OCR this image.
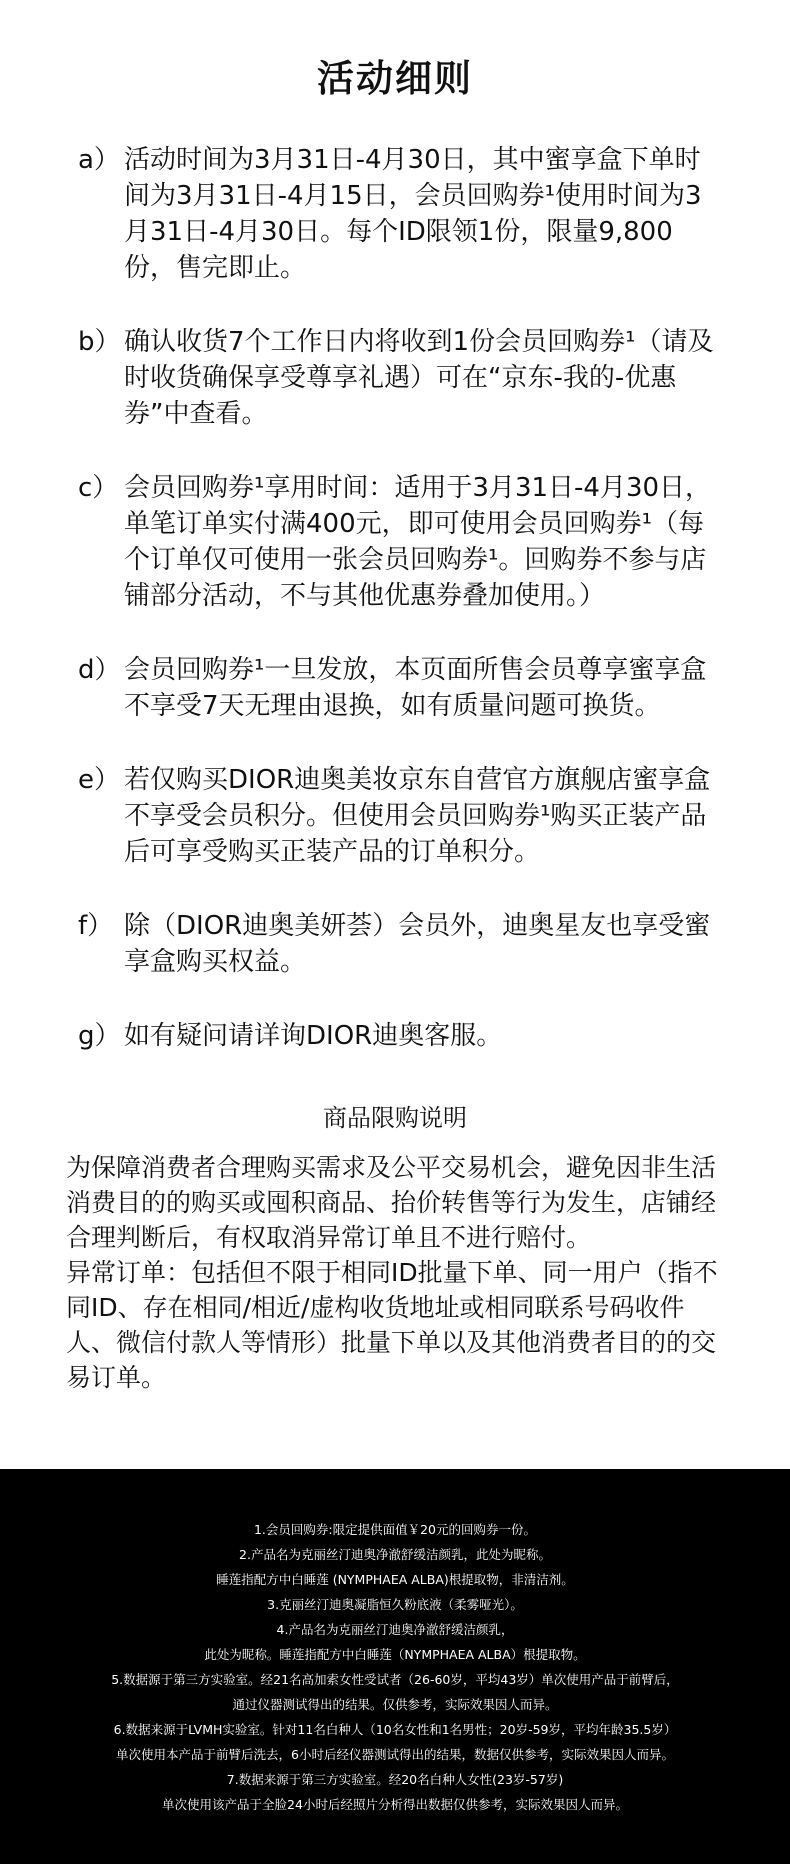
活动细则
a） 活动时间为3月31日-4月30日，其中蜜享盒下单时间为3月31日-4月15日，会员回购券¹使用时间为3月31日-4月30日。每个ID限领1份，限量9,800份，售完即止。
b） 确认收货7个工作日内将收到1份会员回购券¹（请及时收货确保享受尊享礼遇）可在“京东-我的-优惠券”中查看。
c） 会员回购券¹享用时间：适用于3月31日-4月30日，单笔订单实付满400元，即可使用会员回购券¹（每个订单仅可使用一张会员回购券¹。回购券不参与店铺部分活动，不与其他优惠券叠加使用。）
d） 会员回购券¹一旦发放，本页面所售会员尊享蜜享盒不享受7天无理由退换，如有质量问题可换货。
e） 若仅购买DIOR迪奥美妆京东自营官方旗舰店蜜享盒不享受会员积分。但使用会员回购券¹购买正装产品后可享受购买正装产品的订单积分。
f） 除（DIOR迪奥美妍荟）会员外，迪奥星友也享受蜜享盒购买权益。
g） 如有疑问请详询DIOR迪奥客服。
商品限购说明

为保障消费者合理购买需求及公平交易机会，避免因非生活消费目的的购买或囤积商品、抬价转售等行为发生，店铺经合理判断后，有权取消异常订单且不进行赔付。

异常订单：包括但不限于相同ID批量下单、同一用户（指不同ID、存在相同/相近/虚构收货地址或相同联系号码收件人、微信付款人等情形）批量下单以及其他消费者目的的交易订单。

1.会员回购券:限定提供面值￥20元的回购券一份。
2.产品名为克丽丝汀迪奥净澈舒缓洁颜乳，此处为昵称。
睡莲指配方中白睡莲 (NYMPHAEA ALBA)根提取物，非清洁剂。
3.克丽丝汀迪奥凝脂恒久粉底液（柔雾哑光）。
4.产品名为克丽丝汀迪奥净澈舒缓洁颜乳，
此处为昵称。睡莲指配方中白睡莲（NYMPHAEA ALBA）根提取物。
5.数据源于第三方实验室。经21名高加索女性受试者（26-60岁，平均43岁）单次使用产品于前臂后，
通过仪器测试得出的结果。仅供参考，实际效果因人而异。
6.数据来源于LVMH实验室。针对11名白种人（10名女性和1名男性；20岁-59岁，平均年龄35.5岁）
单次使用本产品于前臂后洗去，6小时后经仪器测试得出的结果，数据仅供参考，实际效果因人而异。
7.数据来源于第三方实验室。经20名白种人女性(23岁-57岁)
单次使用该产品于全脸24小时后经照片分析得出数据仅供参考，实际效果因人而异。
